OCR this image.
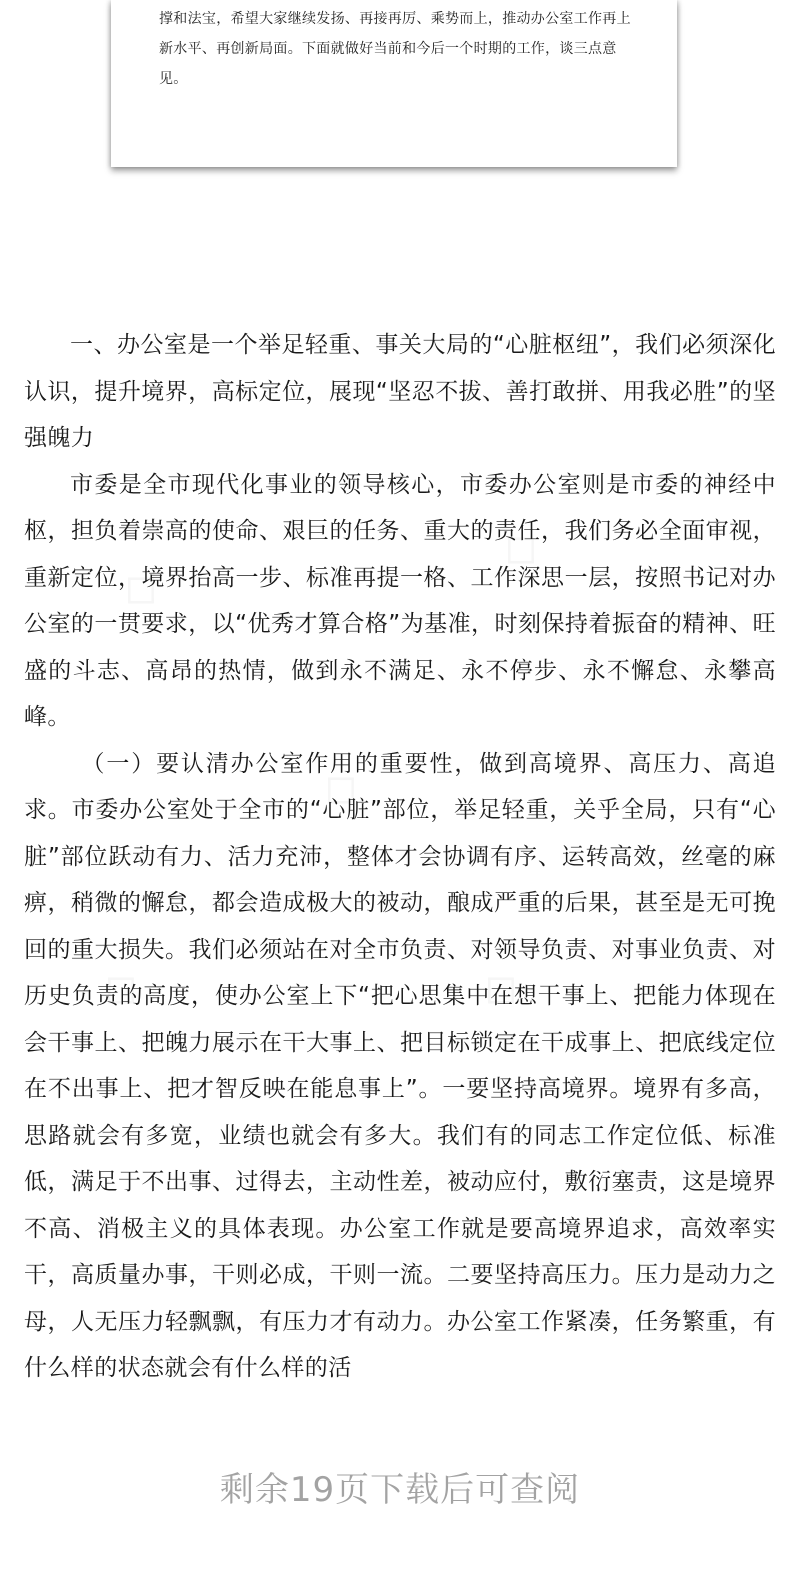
撑和法宝，希望大家继续发扬、再接再厉、乘势而上，推动办公室工作再上新水平、再创新局面。下面就做好当前和今后一个时期的工作，谈三点意见。

一、办公室是一个举足轻重、事关大局的“心脏枢纽”，我们必须深化认识，提升境界，高标定位，展现“坚忍不拔、善打敢拼、用我必胜”的坚强魄力

市委是全市现代化事业的领导核心，市委办公室则是市委的神经中枢，担负着崇高的使命、艰巨的任务、重大的责任，我们务必全面审视，重新定位，境界抬高一步、标准再提一格、工作深思一层，按照书记对办公室的一贯要求，以“优秀才算合格”为基准，时刻保持着振奋的精神、旺盛的斗志、高昂的热情，做到永不满足、永不停步、永不懈怠、永攀高峰。

（一）要认清办公室作用的重要性，做到高境界、高压力、高追求。市委办公室处于全市的“心脏”部位，举足轻重，关乎全局，只有“心脏”部位跃动有力、活力充沛，整体才会协调有序、运转高效，丝毫的麻痹，稍微的懈怠，都会造成极大的被动，酿成严重的后果，甚至是无可挽回的重大损失。我们必须站在对全市负责、对领导负责、对事业负责、对历史负责的高度，使办公室上下“把心思集中在想干事上、把能力体现在会干事上、把魄力展示在干大事上、把目标锁定在干成事上、把底线定位在不出事上、把才智反映在能息事上”。一要坚持高境界。境界有多高，思路就会有多宽，业绩也就会有多大。我们有的同志工作定位低、标准低，满足于不出事、过得去，主动性差，被动应付，敷衍塞责，这是境界不高、消极主义的具体表现。办公室工作就是要高境界追求，高效率实干，高质量办事，干则必成，干则一流。二要坚持高压力。压力是动力之母，人无压力轻飘飘，有压力才有动力。办公室工作紧凑，任务繁重，有什么样的状态就会有什么样的活

剩余19页下载后可查阅
